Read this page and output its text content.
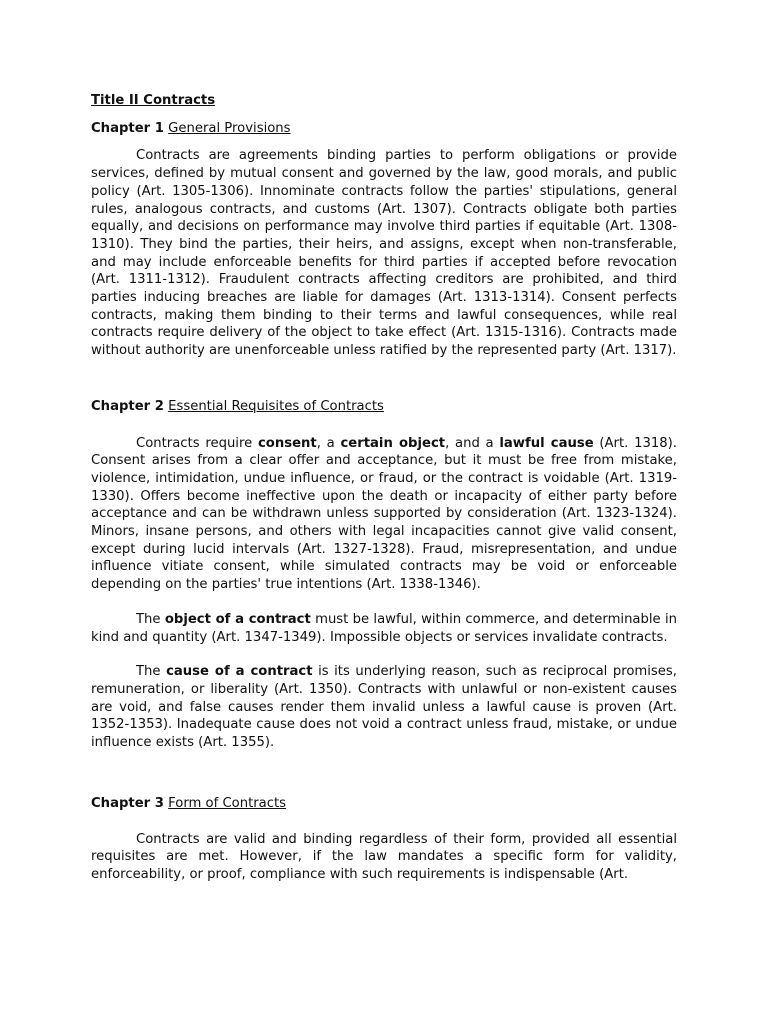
Title II Contracts

Chapter 1 General Provisions

Contracts are agreements binding parties to perform obligations or provide services, defined by mutual consent and governed by the law, good morals, and public policy (Art. 1305-1306). Innominate contracts follow the parties' stipulations, general rules, analogous contracts, and customs (Art. 1307). Contracts obligate both parties equally, and decisions on performance may involve third parties if equitable (Art. 1308-1310). They bind the parties, their heirs, and assigns, except when non-transferable, and may include enforceable benefits for third parties if accepted before revocation (Art. 1311-1312). Fraudulent contracts affecting creditors are prohibited, and third parties inducing breaches are liable for damages (Art. 1313-1314). Consent perfects contracts, making them binding to their terms and lawful consequences, while real contracts require delivery of the object to take effect (Art. 1315-1316). Contracts made without authority are unenforceable unless ratified by the represented party (Art. 1317).

Chapter 2 Essential Requisites of Contracts

Contracts require consent, a certain object, and a lawful cause (Art. 1318). Consent arises from a clear offer and acceptance, but it must be free from mistake, violence, intimidation, undue influence, or fraud, or the contract is voidable (Art. 1319-1330). Offers become ineffective upon the death or incapacity of either party before acceptance and can be withdrawn unless supported by consideration (Art. 1323-1324). Minors, insane persons, and others with legal incapacities cannot give valid consent, except during lucid intervals (Art. 1327-1328). Fraud, misrepresentation, and undue influence vitiate consent, while simulated contracts may be void or enforceable depending on the parties' true intentions (Art. 1338-1346).

The object of a contract must be lawful, within commerce, and determinable in kind and quantity (Art. 1347-1349). Impossible objects or services invalidate contracts.

The cause of a contract is its underlying reason, such as reciprocal promises, remuneration, or liberality (Art. 1350). Contracts with unlawful or non-existent causes are void, and false causes render them invalid unless a lawful cause is proven (Art. 1352-1353). Inadequate cause does not void a contract unless fraud, mistake, or undue influence exists (Art. 1355).

Chapter 3 Form of Contracts

Contracts are valid and binding regardless of their form, provided all essential requisites are met. However, if the law mandates a specific form for validity, enforceability, or proof, compliance with such requirements is indispensable (Art.
